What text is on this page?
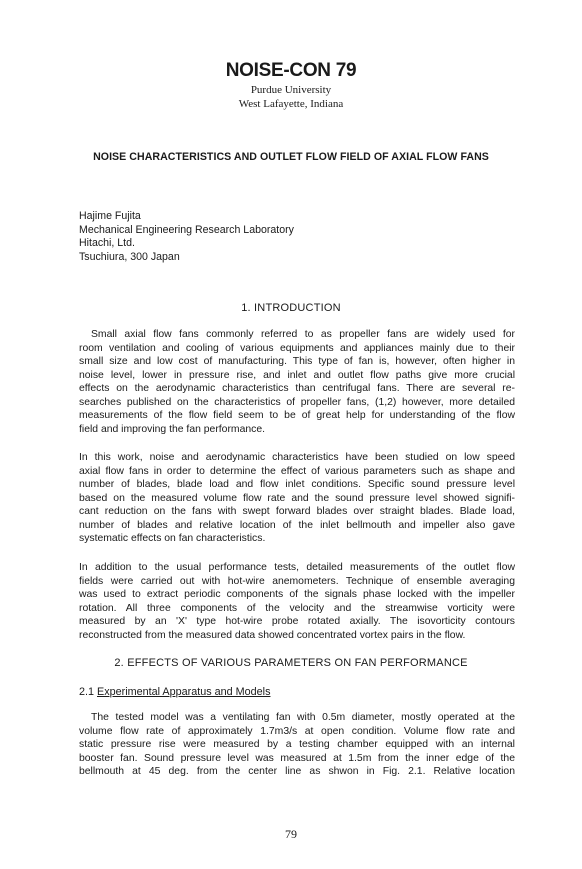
NOISE-CON 79
Purdue University
West Lafayette, Indiana
NOISE CHARACTERISTICS AND OUTLET FLOW FIELD OF AXIAL FLOW FANS
Hajime Fujita
Mechanical Engineering Research Laboratory
Hitachi, Ltd.
Tsuchiura, 300 Japan
1. INTRODUCTION
Small axial flow fans commonly referred to as propeller fans are widely used for
room ventilation and cooling of various equipments and appliances mainly due to their
small size and low cost of manufacturing. This type of fan is, however, often higher in
noise level, lower in pressure rise, and inlet and outlet flow paths give more crucial
effects on the aerodynamic characteristics than centrifugal fans. There are several re-
searches published on the characteristics of propeller fans, (1,2) however, more detailed
measurements of the flow field seem to be of great help for understanding of the flow
field and improving the fan performance.
In this work, noise and aerodynamic characteristics have been studied on low speed
axial flow fans in order to determine the effect of various parameters such as shape and
number of blades, blade load and flow inlet conditions. Specific sound pressure level
based on the measured volume flow rate and the sound pressure level showed signifi-
cant reduction on the fans with swept forward blades over straight blades. Blade load,
number of blades and relative location of the inlet bellmouth and impeller also gave
systematic effects on fan characteristics.
In addition to the usual performance tests, detailed measurements of the outlet flow
fields were carried out with hot-wire anemometers. Technique of ensemble averaging
was used to extract periodic components of the signals phase locked with the impeller
rotation. All three components of the velocity and the streamwise vorticity were
measured by an 'X' type hot-wire probe rotated axially. The isovorticity contours
reconstructed from the measured data showed concentrated vortex pairs in the flow.
2. EFFECTS OF VARIOUS PARAMETERS ON FAN PERFORMANCE
2.1 Experimental Apparatus and Models
The tested model was a ventilating fan with 0.5m diameter, mostly operated at the
volume flow rate of approximately 1.7m3/s at open condition. Volume flow rate and
static pressure rise were measured by a testing chamber equipped with an internal
booster fan. Sound pressure level was measured at 1.5m from the inner edge of the
bellmouth at 45 deg. from the center line as shwon in Fig. 2.1. Relative location
79
